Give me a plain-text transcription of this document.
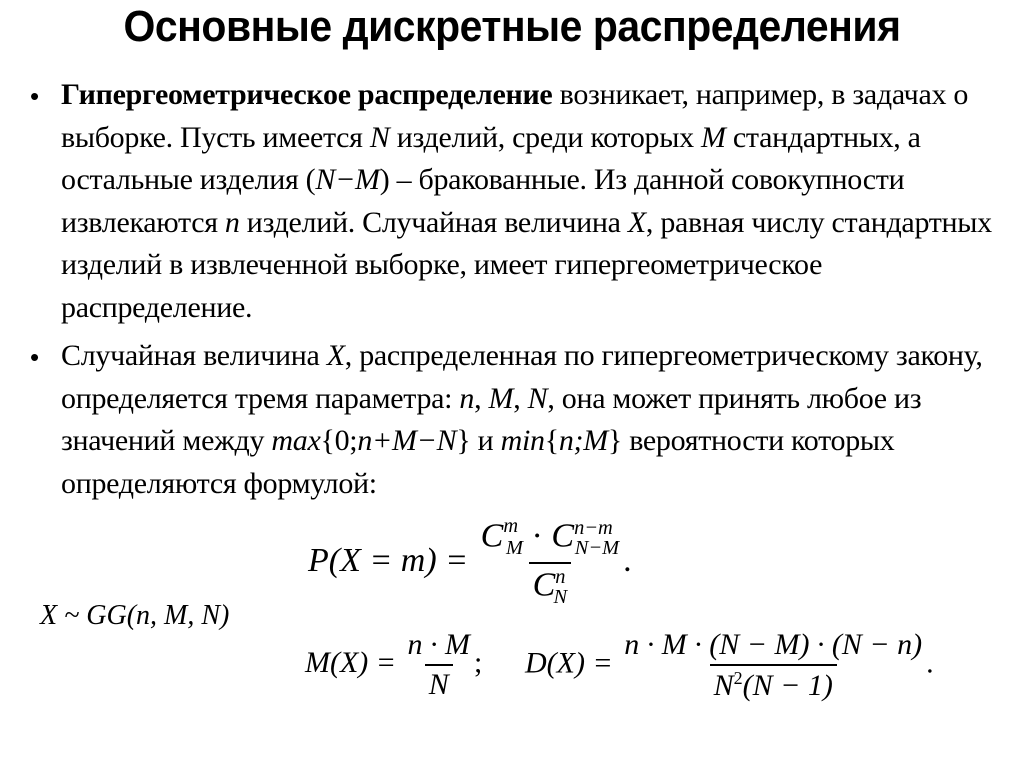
Основные дискретные распределения
• Гипергеометрическое распределение возникает, например, в задачах о выборке. Пусть имеется N изделий, среди которых M стандартных, а остальные изделия (N−M) – бракованные. Из данной совокупности извлекаются n изделий. Случайная величина X, равная числу стандартных изделий в извлеченной выборке, имеет гипергеометрическое распределение.
• Случайная величина X, распределенная по гипергеометрическому закону, определяется тремя параметра: n, M, N, она может принять любое из значений между max{0;n+M−N} и min{n;M} вероятности которых определяются формулой:
$P(X = m) = \frac{C^m_M \cdot C^{n-m}_{N-M}}{C^n_N}$ .
X ~ GG(n, M, N)
$M(X) = \frac{n \cdot M}{N}$ ; $D(X) = \frac{n \cdot M \cdot (N - M) \cdot (N - n)}{N^2(N - 1)}$ .
